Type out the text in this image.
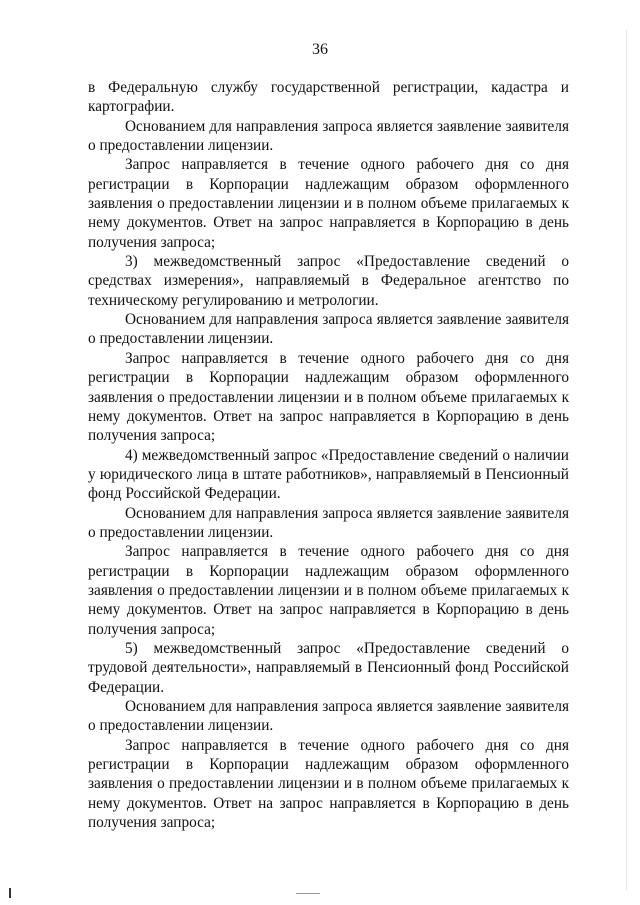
36

в Федеральную службу государственной регистрации, кадастра и картографии.

Основанием для направления запроса является заявление заявителя о предоставлении лицензии.

Запрос направляется в течение одного рабочего дня со дня регистрации в Корпорации надлежащим образом оформленного заявления о предоставлении лицензии и в полном объеме прилагаемых к нему документов. Ответ на запрос направляется в Корпорацию в день получения запроса;

3) межведомственный запрос «Предоставление сведений о средствах измерения», направляемый в Федеральное агентство по техническому регулированию и метрологии.

Основанием для направления запроса является заявление заявителя о предоставлении лицензии.

Запрос направляется в течение одного рабочего дня со дня регистрации в Корпорации надлежащим образом оформленного заявления о предоставлении лицензии и в полном объеме прилагаемых к нему документов. Ответ на запрос направляется в Корпорацию в день получения запроса;

4) межведомственный запрос «Предоставление сведений о наличии у юридического лица в штате работников», направляемый в Пенсионный фонд Российской Федерации.

Основанием для направления запроса является заявление заявителя о предоставлении лицензии.

Запрос направляется в течение одного рабочего дня со дня регистрации в Корпорации надлежащим образом оформленного заявления о предоставлении лицензии и в полном объеме прилагаемых к нему документов. Ответ на запрос направляется в Корпорацию в день получения запроса;

5) межведомственный запрос «Предоставление сведений о трудовой деятельности», направляемый в Пенсионный фонд Российской Федерации.

Основанием для направления запроса является заявление заявителя о предоставлении лицензии.

Запрос направляется в течение одного рабочего дня со дня регистрации в Корпорации надлежащим образом оформленного заявления о предоставлении лицензии и в полном объеме прилагаемых к нему документов. Ответ на запрос направляется в Корпорацию в день получения запроса;
